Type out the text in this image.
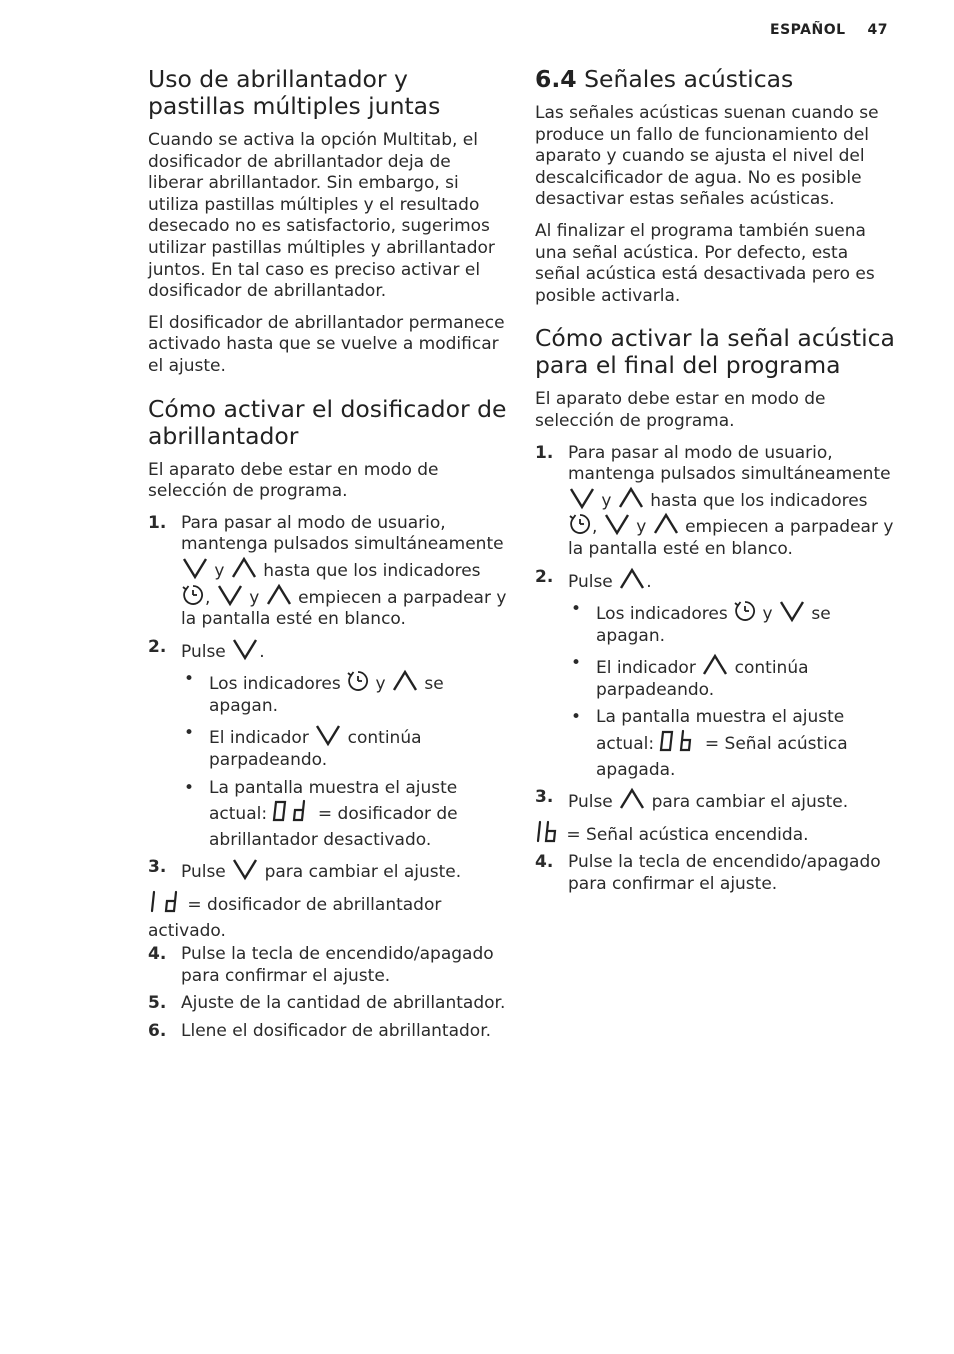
ESPAÑOL 47
Uso de abrillantador y pastillas múltiples juntas

Cuando se activa la opción Multitab, el dosificador de abrillantador deja de liberar abrillantador. Sin embargo, si utiliza pastillas múltiples y el resultado desecado no es satisfactorio, sugerimos utilizar pastillas múltiples y abrillantador juntos. En tal caso es preciso activar el dosificador de abrillantador.

El dosificador de abrillantador permanece activado hasta que se vuelve a modificar el ajuste.

Cómo activar el dosificador de abrillantador

El aparato debe estar en modo de selección de programa.

1. Para pasar al modo de usuario, mantenga pulsados simultáneamente
y hasta que los indicadores
, y empiecen a parpadear y la pantalla esté en blanco.
2. Pulse .
• Los indicadores y se apagan.
• El indicador continúa parpadeando.
• La pantalla muestra el ajuste actual:	= dosificador de abrillantador desactivado.
3. Pulse para cambiar el ajuste.
= dosificador de abrillantador activado.
4. Pulse la tecla de encendido/apagado para confirmar el ajuste.
5. Ajuste de la cantidad de abrillantador.
6. Llene el dosificador de abrillantador.
6.4 Señales acústicas

Las señales acústicas suenan cuando se produce un fallo de funcionamiento del aparato y cuando se ajusta el nivel del descalcificador de agua. No es posible desactivar estas señales acústicas.

Al finalizar el programa también suena una señal acústica. Por defecto, esta señal acústica está desactivada pero es posible activarla.

Cómo activar la señal acústica para el final del programa

El aparato debe estar en modo de selección de programa.

1. Para pasar al modo de usuario, mantenga pulsados simultáneamente
y hasta que los indicadores
, y empiecen a parpadear y la pantalla esté en blanco.
2. Pulse .
• Los indicadores y se apagan.
• El indicador continúa parpadeando.
• La pantalla muestra el ajuste actual:	= Señal acústica apagada.
3. Pulse para cambiar el ajuste.
= Señal acústica encendida.
4. Pulse la tecla de encendido/apagado para confirmar el ajuste.
